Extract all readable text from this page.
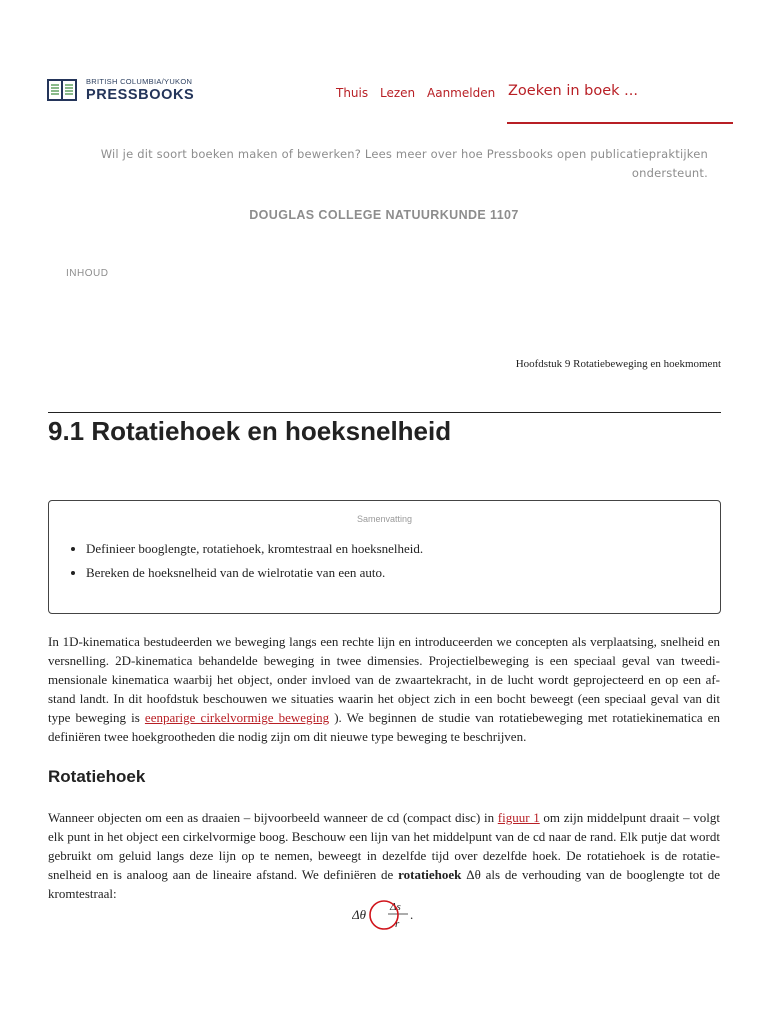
BRITISH COLUMBIA/YUKON
PRESSBOOKS	Thuis Lezen Aanmelden Zoeken in boek ...
Wil je dit soort boeken maken of bewerken? Lees meer over hoe Pressbooks open publicatiepraktijken ondersteunt.
DOUGLAS COLLEGE NATUURKUNDE 1107
INHOUD
Hoofdstuk 9 Rotatiebeweging en hoekmoment
9.1 Rotatiehoek en hoeksnelheid
Samenvatting
• Definieer booglengte, rotatiehoek, kromtestraal en hoeksnelheid.
• Bereken de hoeksnelheid van de wielrotatie van een auto.

In 1D-kinematica bestudeerden we beweging langs een rechte lijn en introduceerden we concepten als verplaatsing, snelheid en versnelling. 2D-kinematica behandelde beweging in twee dimensies. Projectielbeweging is een speciaal geval van tweedi-mensionale kinematica waarbij het object, onder invloed van de zwaartekracht, in de lucht wordt geprojecteerd en op een af-stand landt. In dit hoofdstuk beschouwen we situaties waarin het object zich in een bocht beweegt (een speciaal geval van dit type beweging is eenparige cirkelvormige beweging ). We beginnen de studie van rotatiebeweging met rotatiekinematica en definiëren twee hoekgrootheden die nodig zijn om dit nieuwe type beweging te beschrijven.

Rotatiehoek

Wanneer objecten om een as draaien – bijvoorbeeld wanneer de cd (compact disc) in figuur 1 om zijn middelpunt draait – volgt elk punt in het object een cirkelvormige boog. Beschouw een lijn van het middelpunt van de cd naar de rand. Elk putje dat wordt gebruikt om geluid langs deze lijn op te nemen, beweegt in dezelfde tijd over dezelfde hoek. De rotatiehoek is de rotatie-snelheid en is analoog aan de lineaire afstand. We definiëren de rotatiehoek Δθ als de verhouding van de booglengte tot de kromtestraal:

Δθ Δs
r
.
